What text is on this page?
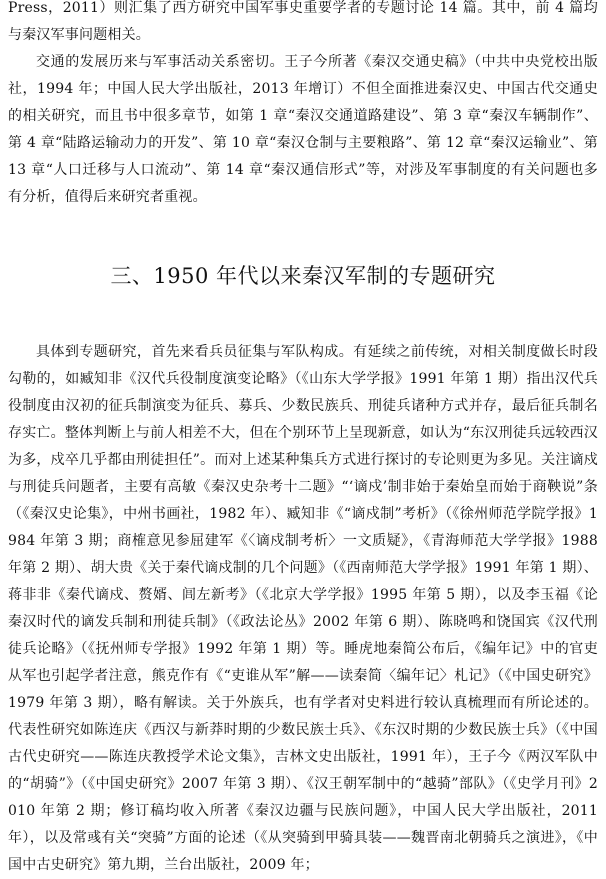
Press，2011）则汇集了西方研究中国军事史重要学者的专题讨论 14 篇。其中，前 4 篇均与秦汉军事问题相关。

交通的发展历来与军事活动关系密切。王子今所著《秦汉交通史稿》（中共中央党校出版社，1994 年；中国人民大学出版社，2013 年增订）不但全面推进秦汉史、中国古代交通史的相关研究，而且书中很多章节，如第 1 章“秦汉交通道路建设”、第 3 章“秦汉车辆制作”、第 4 章“陆路运输动力的开发”、第 10 章“秦汉仓制与主要粮路”、第 12 章“秦汉运输业”、第 13 章“人口迁移与人口流动”、第 14 章“秦汉通信形式”等，对涉及军事制度的有关问题也多有分析，值得后来研究者重视。

三、1950 年代以来秦汉军制的专题研究

具体到专题研究，首先来看兵员征集与军队构成。有延续之前传统，对相关制度做长时段勾勒的，如臧知非《汉代兵役制度演变论略》（《山东大学学报》1991 年第 1 期）指出汉代兵役制度由汉初的征兵制演变为征兵、募兵、少数民族兵、刑徒兵诸种方式并存，最后征兵制名存实亡。整体判断上与前人相差不大，但在个别环节上呈现新意，如认为“东汉刑徒兵远较西汉为多，戍卒几乎都由刑徒担任”。而对上述某种集兵方式进行探讨的专论则更为多见。关注谪戍与刑徒兵问题者，主要有高敏《秦汉史杂考十二题》“‘谪戍’制非始于秦始皇而始于商鞅说”条（《秦汉史论集》，中州书画社，1982 年）、臧知非《“谪戍制”考析》（《徐州师范学院学报》1984 年第 3 期；商榷意见参屈建军《〈谪戍制考析〉一文质疑》，《青海师范大学学报》1988 年第 2 期）、胡大贵《关于秦代谪戍制的几个问题》（《西南师范大学学报》1991 年第 1 期）、蒋非非《秦代谪戍、赘婿、闾左新考》（《北京大学学报》1995 年第 5 期），以及李玉福《论秦汉时代的谪发兵制和刑徒兵制》（《政法论丛》2002 年第 6 期）、陈晓鸣和饶国宾《汉代刑徒兵论略》（《抚州师专学报》1992 年第 1 期）等。睡虎地秦简公布后，《编年记》中的官吏从军也引起学者注意，熊克作有《“吏谁从军”解——读秦简〈编年记〉札记》（《中国史研究》1979 年第 3 期），略有解读。关于外族兵，也有学者对史料进行较认真梳理而有所论述的。代表性研究如陈连庆《西汉与新莽时期的少数民族士兵》、《东汉时期的少数民族士兵》（《中国古代史研究——陈连庆教授学术论文集》，吉林文史出版社，1991 年），王子今《两汉军队中的“胡骑”》（《中国史研究》2007 年第 3 期）、《汉王朝军制中的“越骑”部队》（《史学月刊》2010 年第 2 期；修订稿均收入所著《秦汉边疆与民族问题》，中国人民大学出版社，2011 年），以及常彧有关“突骑”方面的论述（《从突骑到甲骑具装——魏晋南北朝骑兵之演进》，《中国中古史研究》第九期，兰台出版社，2009 年；
